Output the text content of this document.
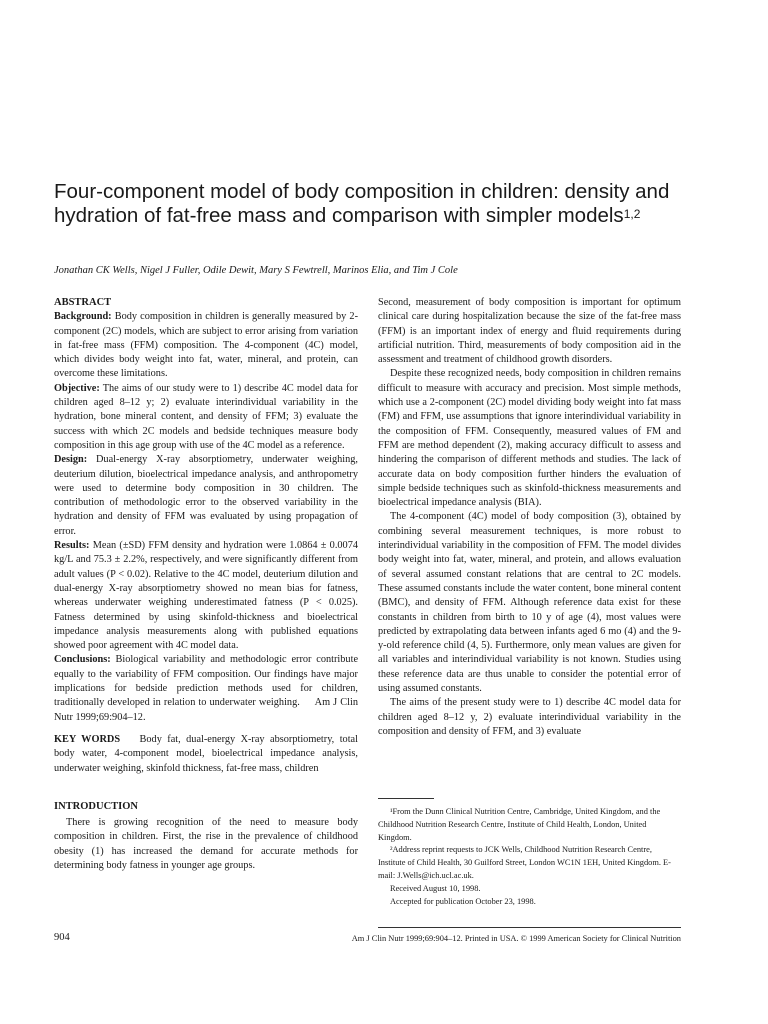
Four-component model of body composition in children: density and hydration of fat-free mass and comparison with simpler models$^{1,2}$
Jonathan CK Wells, Nigel J Fuller, Odile Dewit, Mary S Fewtrell, Marinos Elia, and Tim J Cole

ABSTRACT

Background: Body composition in children is generally measured by 2-component (2C) models, which are subject to error arising from variation in fat-free mass (FFM) composition. The 4-component (4C) model, which divides body weight into fat, water, mineral, and protein, can overcome these limitations.

Objective: The aims of our study were to 1) describe 4C model data for children aged 8–12 y; 2) evaluate interindividual variability in the hydration, bone mineral content, and density of FFM; 3) evaluate the success with which 2C models and bedside techniques measure body composition in this age group with use of the 4C model as a reference.

Design: Dual-energy X-ray absorptiometry, underwater weighing, deuterium dilution, bioelectrical impedance analysis, and anthropometry were used to determine body composition in 30 children. The contribution of methodologic error to the observed variability in the hydration and density of FFM was evaluated by using propagation of error.

Results: Mean (±SD) FFM density and hydration were 1.0864 ± 0.0074 kg/L and 75.3 ± 2.2%, respectively, and were significantly different from adult values (P < 0.02). Relative to the 4C model, deuterium dilution and dual-energy X-ray absorptiometry showed no mean bias for fatness, whereas underwater weighing underestimated fatness (P < 0.025). Fatness determined by using skinfold-thickness and bioelectrical impedance analysis measurements along with published equations showed poor agreement with 4C model data.

Conclusions: Biological variability and methodologic error contribute equally to the variability of FFM composition. Our findings have major implications for bedside prediction methods used for children, traditionally developed in relation to underwater weighing. Am J Clin Nutr 1999;69:904–12.

KEY WORDS Body fat, dual-energy X-ray absorptiometry, total body water, 4-component model, bioelectrical impedance analysis, underwater weighing, skinfold thickness, fat-free mass, children

INTRODUCTION

There is growing recognition of the need to measure body composition in children. First, the rise in the prevalence of childhood obesity (1) has increased the demand for accurate methods for determining body fatness in younger age groups.

Second, measurement of body composition is important for optimum clinical care during hospitalization because the size of the fat-free mass (FFM) is an important index of energy and fluid requirements during artificial nutrition. Third, measurements of body composition aid in the assessment and treatment of childhood growth disorders.

Despite these recognized needs, body composition in children remains difficult to measure with accuracy and precision. Most simple methods, which use a 2-component (2C) model dividing body weight into fat mass (FM) and FFM, use assumptions that ignore interindividual variability in the composition of FFM. Consequently, measured values of FM and FFM are method dependent (2), making accuracy difficult to assess and hindering the comparison of different methods and studies. The lack of accurate data on body composition further hinders the evaluation of simple bedside techniques such as skinfold-thickness measurements and bioelectrical impedance analysis (BIA).

The 4-component (4C) model of body composition (3), obtained by combining several measurement techniques, is more robust to interindividual variability in the composition of FFM. The model divides body weight into fat, water, mineral, and protein, and allows evaluation of several assumed constant relations that are central to 2C models. These assumed constants include the water content, bone mineral content (BMC), and density of FFM. Although reference data exist for these constants in children from birth to 10 y of age (4), most values were predicted by extrapolating data between infants aged 6 mo (4) and the 9-y-old reference child (4, 5). Furthermore, only mean values are given for all variables and interindividual variability is not known. Studies using these reference data are thus unable to consider the potential error of using assumed constants.

The aims of the present study were to 1) describe 4C model data for children aged 8–12 y, 2) evaluate interindividual variability in the composition and density of FFM, and 3) evaluate

¹From the Dunn Clinical Nutrition Centre, Cambridge, United Kingdom, and the Childhood Nutrition Research Centre, Institute of Child Health, London, United Kingdom.

²Address reprint requests to JCK Wells, Childhood Nutrition Research Centre, Institute of Child Health, 30 Guilford Street, London WC1N 1EH, United Kingdom. E-mail: J.Wells@ich.ucl.ac.uk.

Received August 10, 1998.

Accepted for publication October 23, 1998.

904	Am J Clin Nutr 1999;69:904–12. Printed in USA. © 1999 American Society for Clinical Nutrition
